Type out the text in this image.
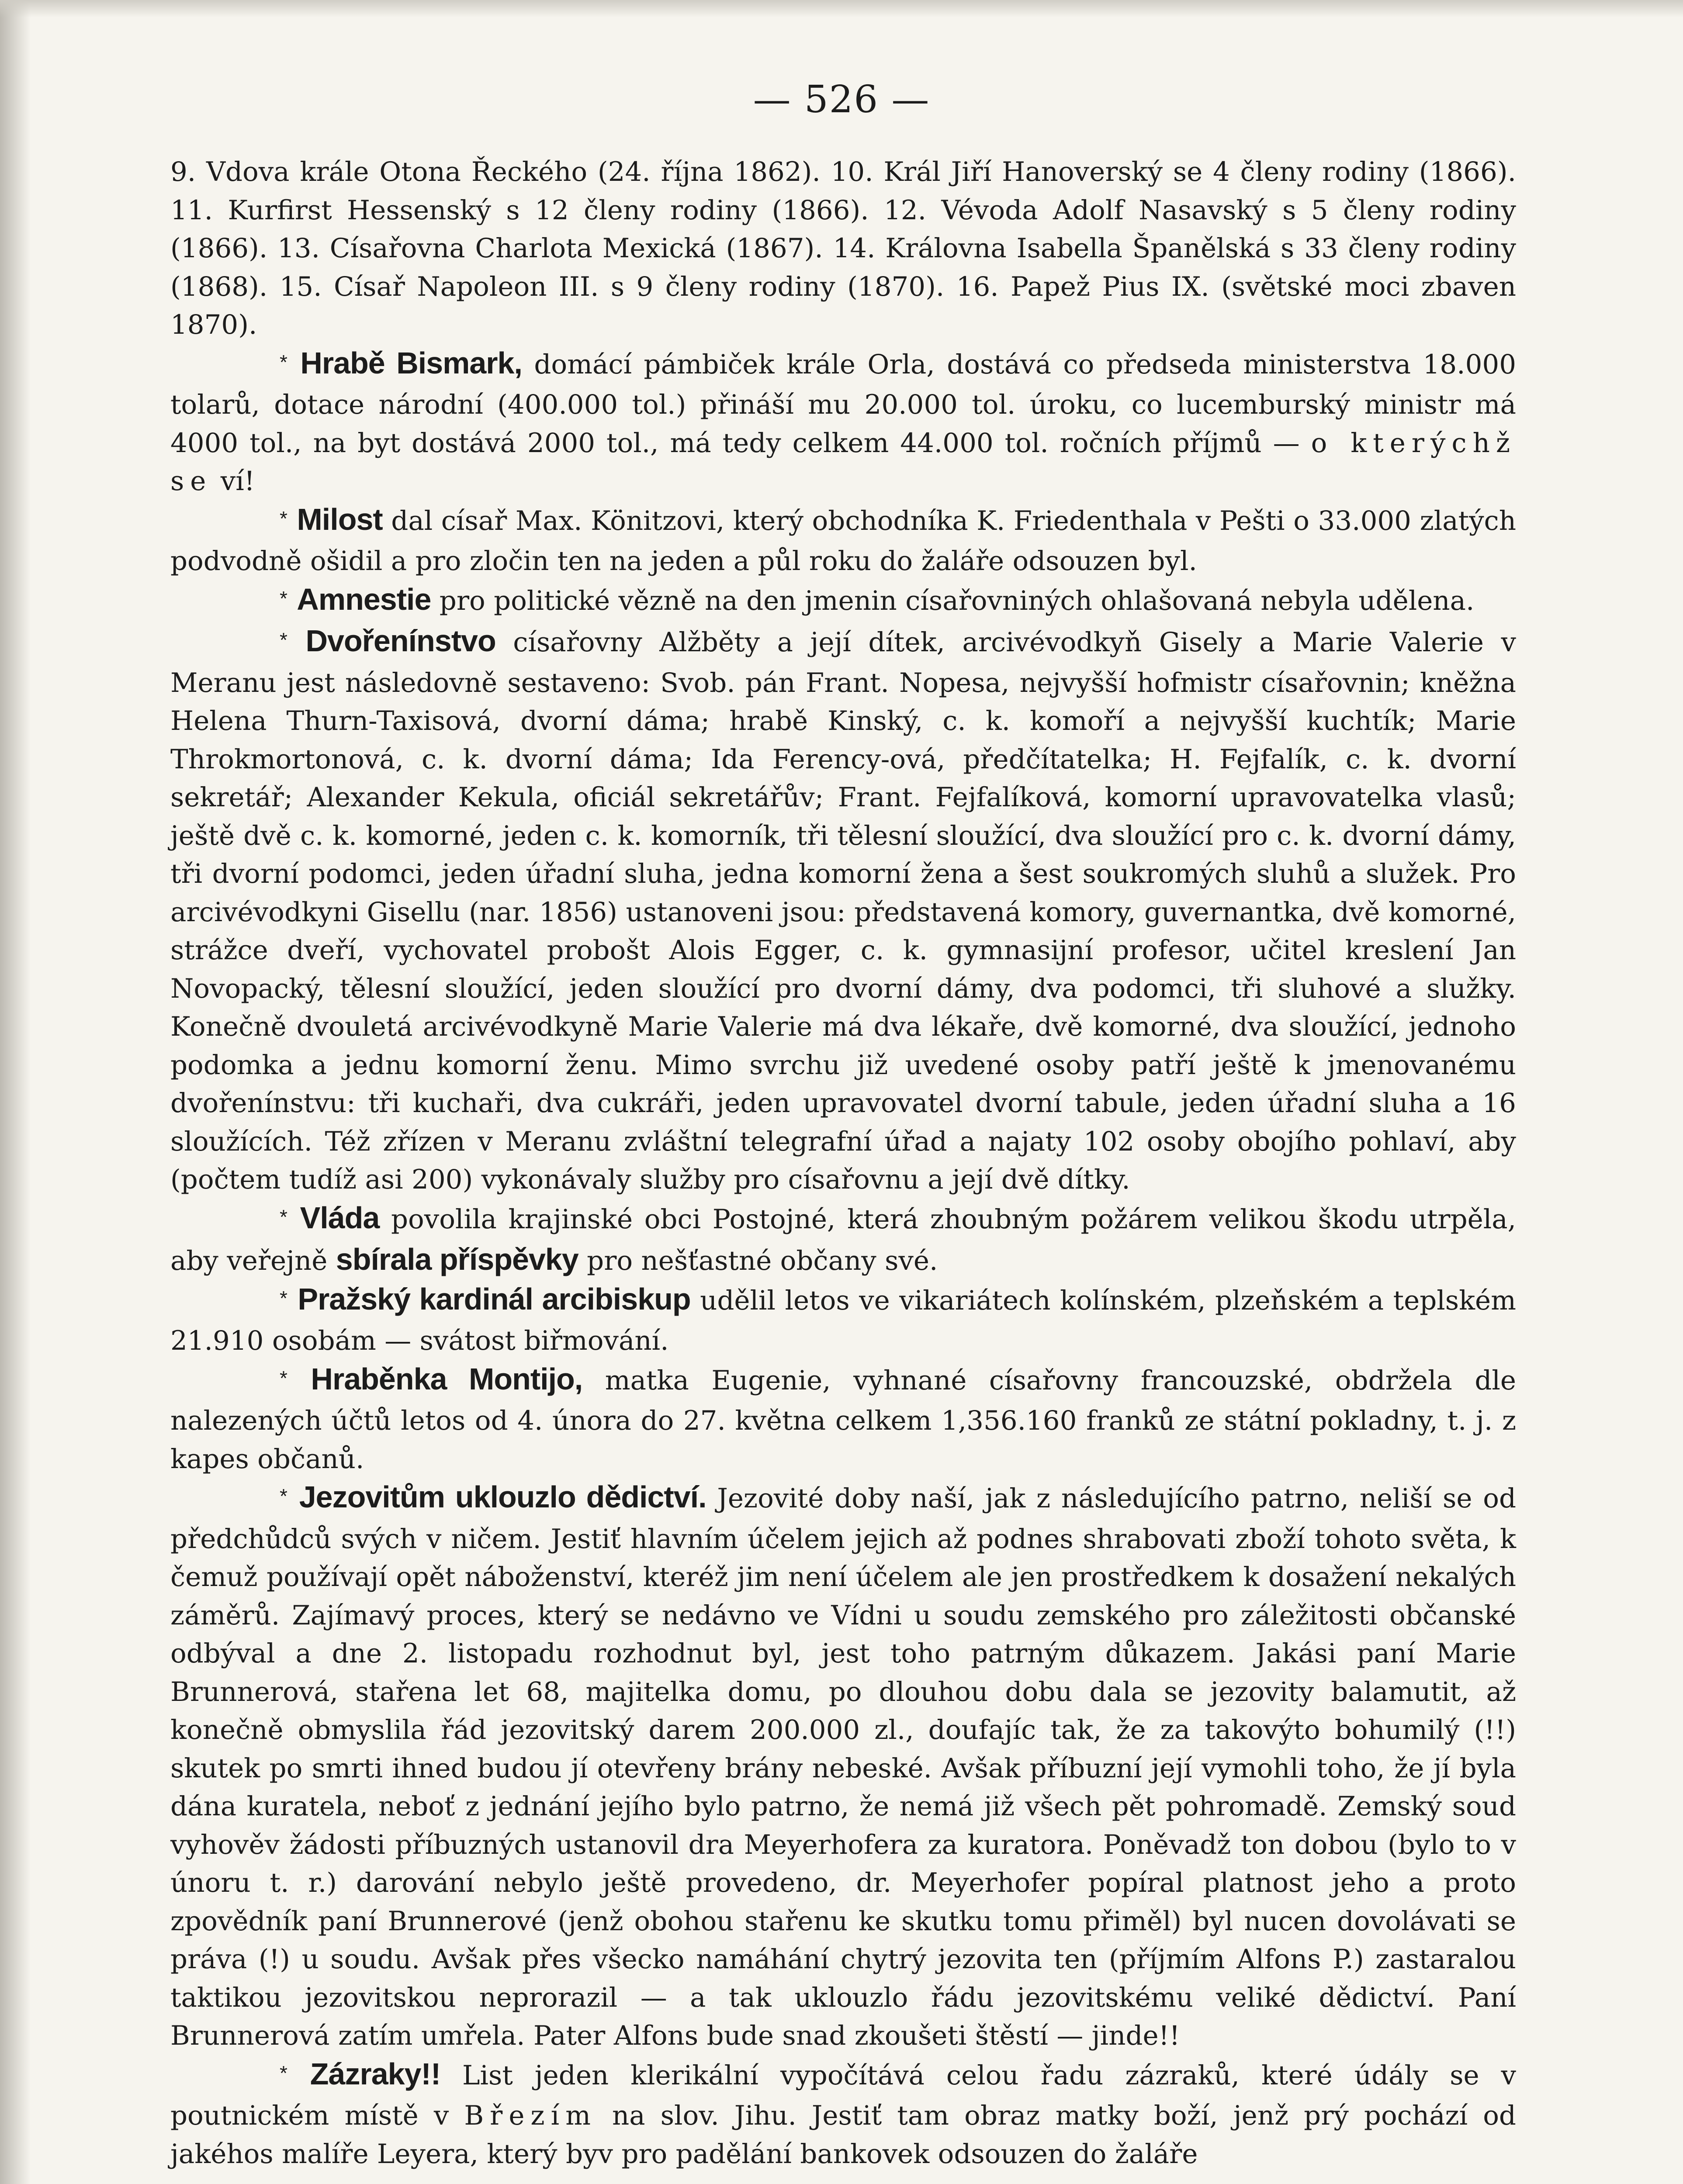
— 526 —

9. Vdova krále Otona Řeckého (24. října 1862). 10. Král Jiří Hanoverský se 4 členy rodiny (1866). 11. Kurfirst Hessenský s 12 členy rodiny (1866). 12. Vévoda Adolf Nasavský s 5 členy rodiny (1866). 13. Císařovna Charlota Mexická (1867). 14. Královna Isabella Španělská s 33 členy rodiny (1868). 15. Císař Napoleon III. s 9 členy rodiny (1870). 16. Papež Pius IX. (světské moci zbaven 1870).

* Hrabě Bismark, domácí pámbiček krále Orla, dostává co předseda ministerstva 18.000 tolarů, dotace národní (400.000 tol.) přináší mu 20.000 tol. úroku, co lucemburský ministr má 4000 tol., na byt dostává 2000 tol., má tedy celkem 44.000 tol. ročních příjmů — o kterýchž se ví!

* Milost dal císař Max. Könitzovi, který obchodníka K. Friedenthala v Pešti o 33.000 zlatých podvodně ošidil a pro zločin ten na jeden a půl roku do žaláře odsouzen byl.

* Amnestie pro politické vězně na den jmenin císařovniných ohlašovaná nebyla udělena.

* Dvořenínstvo císařovny Alžběty a její dítek, arcivévodkyň Gisely a Marie Valerie v Meranu jest následovně sestaveno: Svob. pán Frant. Nopesa, nejvyšší hofmistr císařovnin; kněžna Helena Thurn-Taxisová, dvorní dáma; hrabě Kinský, c. k. komoří a nejvyšší kuchtík; Marie Throkmortonová, c. k. dvorní dáma; Ida Ferency-ová, předčítatelka; H. Fejfalík, c. k. dvorní sekretář; Alexander Kekula, oficiál sekretářův; Frant. Fejfalíková, komorní upravovatelka vlasů; ještě dvě c. k. komorné, jeden c. k. komorník, tři tělesní sloužící, dva sloužící pro c. k. dvorní dámy, tři dvorní podomci, jeden úřadní sluha, jedna komorní žena a šest soukromých sluhů a služek. Pro arcivévodkyni Gisellu (nar. 1856) ustanoveni jsou: představená komory, guvernantka, dvě komorné, strážce dveří, vychovatel probošt Alois Egger, c. k. gymnasijní profesor, učitel kreslení Jan Novopacký, tělesní sloužící, jeden sloužící pro dvorní dámy, dva podomci, tři sluhové a služky. Konečně dvouletá arcivévodkyně Marie Valerie má dva lékaře, dvě komorné, dva sloužící, jednoho podomka a jednu komorní ženu. Mimo svrchu již uvedené osoby patří ještě k jmenovanému dvořenínstvu: tři kuchaři, dva cukráři, jeden upravovatel dvorní tabule, jeden úřadní sluha a 16 sloužících. Též zřízen v Meranu zvláštní telegrafní úřad a najaty 102 osoby obojího pohlaví, aby (počtem tudíž asi 200) vykonávaly služby pro císařovnu a její dvě dítky.

* Vláda povolila krajinské obci Postojné, která zhoubným požárem velikou škodu utrpěla, aby veřejně sbírala příspěvky pro nešťastné občany své.

* Pražský kardinál arcibiskup udělil letos ve vikariátech kolínském, plzeňském a teplském 21.910 osobám — svátost biřmování.

* Hraběnka Montijo, matka Eugenie, vyhnané císařovny francouzské, obdržela dle nalezených účtů letos od 4. února do 27. května celkem 1,356.160 franků ze státní pokladny, t. j. z kapes občanů.

* Jezovitům uklouzlo dědictví. Jezovité doby naší, jak z následujícího patrno, neliší se od předchůdců svých v ničem. Jestiť hlavním účelem jejich až podnes shrabovati zboží tohoto světa, k čemuž používají opět náboženství, kteréž jim není účelem ale jen prostředkem k dosažení nekalých záměrů. Zajímavý proces, který se nedávno ve Vídni u soudu zemského pro záležitosti občanské odbýval a dne 2. listopadu rozhodnut byl, jest toho patrným důkazem. Jakási paní Marie Brunnerová, stařena let 68, majitelka domu, po dlouhou dobu dala se jezovity balamutit, až konečně obmyslila řád jezovitský darem 200.000 zl., doufajíc tak, že za takovýto bohumilý (!!) skutek po smrti ihned budou jí otevřeny brány nebeské. Avšak příbuzní její vymohli toho, že jí byla dána kuratela, neboť z jednání jejího bylo patrno, že nemá již všech pět pohromadě. Zemský soud vyhověv žádosti příbuzných ustanovil dra Meyerhofera za kuratora. Poněvadž ton dobou (bylo to v únoru t. r.) darování nebylo ještě provedeno, dr. Meyerhofer popíral platnost jeho a proto zpovědník paní Brunnerové (jenž obohou stařenu ke skutku tomu přiměl) byl nucen dovolávati se práva (!) u soudu. Avšak přes všecko namáhání chytrý jezovita ten (příjmím Alfons P.) zastaralou taktikou jezovitskou neprorazil — a tak uklouzlo řádu jezovitskému veliké dědictví. Paní Brunnerová zatím umřela. Pater Alfons bude snad zkoušeti štěstí — jinde!!

* Zázraky!! List jeden klerikální vypočítává celou řadu zázraků, které údály se v poutnickém místě v Březím na slov. Jihu. Jestiť tam obraz matky boží, jenž prý pochází od jakéhos malíře Leyera, který byv pro padělání bankovek odsouzen do žaláře
